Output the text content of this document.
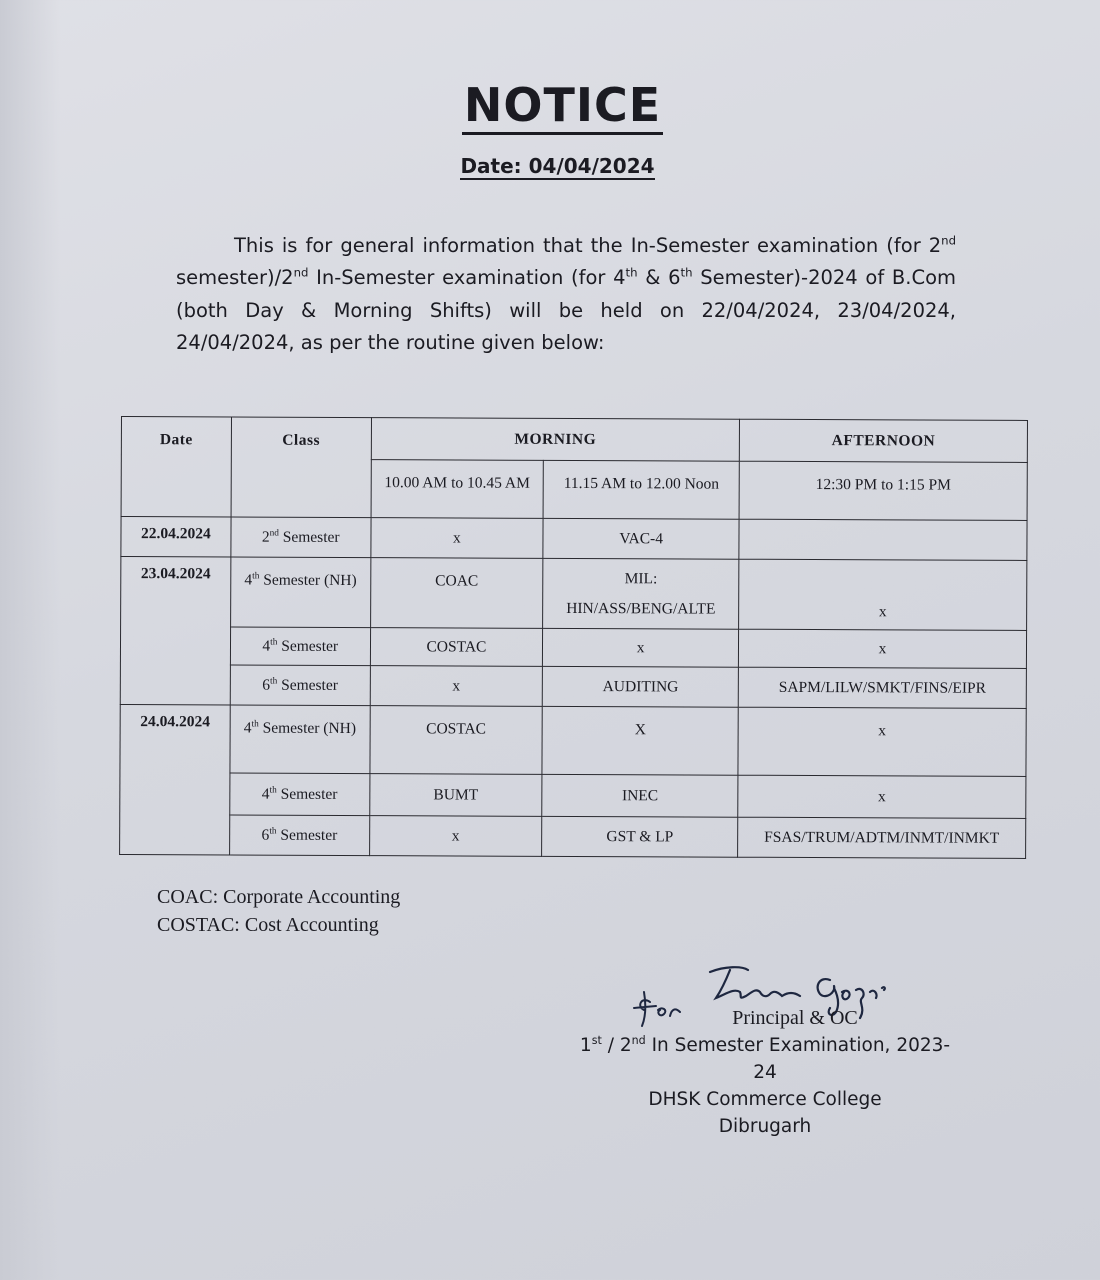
NOTICE
Date: 04/04/2024

This is for general information that the In-Semester examination (for 2nd semester)/2nd In-Semester examination (for 4th & 6th Semester)-2024 of B.Com (both Day & Morning Shifts) will be held on 22/04/2024, 23/04/2024, 24/04/2024, as per the routine given below:

Date	Class	MORNING		AFTERNOON
		10.00 AM to 10.45 AM	11.15 AM to 12.00 Noon	12:30 PM to 1:15 PM
22.04.2024	2nd Semester	x	VAC-4	
23.04.2024	4th Semester (NH)	COAC	MIL:
HIN/ASS/BENG/ALTE	x
	4th Semester	COSTAC	x	x
	6th Semester	x	AUDITING	SAPM/LILW/SMKT/FINS/EIPR
24.04.2024	4th Semester (NH)	COSTAC	X	x
	4th Semester	BUMT	INEC	x
	6th Semester	x	GST & LP	FSAS/TRUM/ADTM/INMT/INMKT
COAC: Corporate Accounting
COSTAC: Cost Accounting
Principal & OC
1st / 2nd In Semester Examination, 2023-24
DHSK Commerce College
Dibrugarh
